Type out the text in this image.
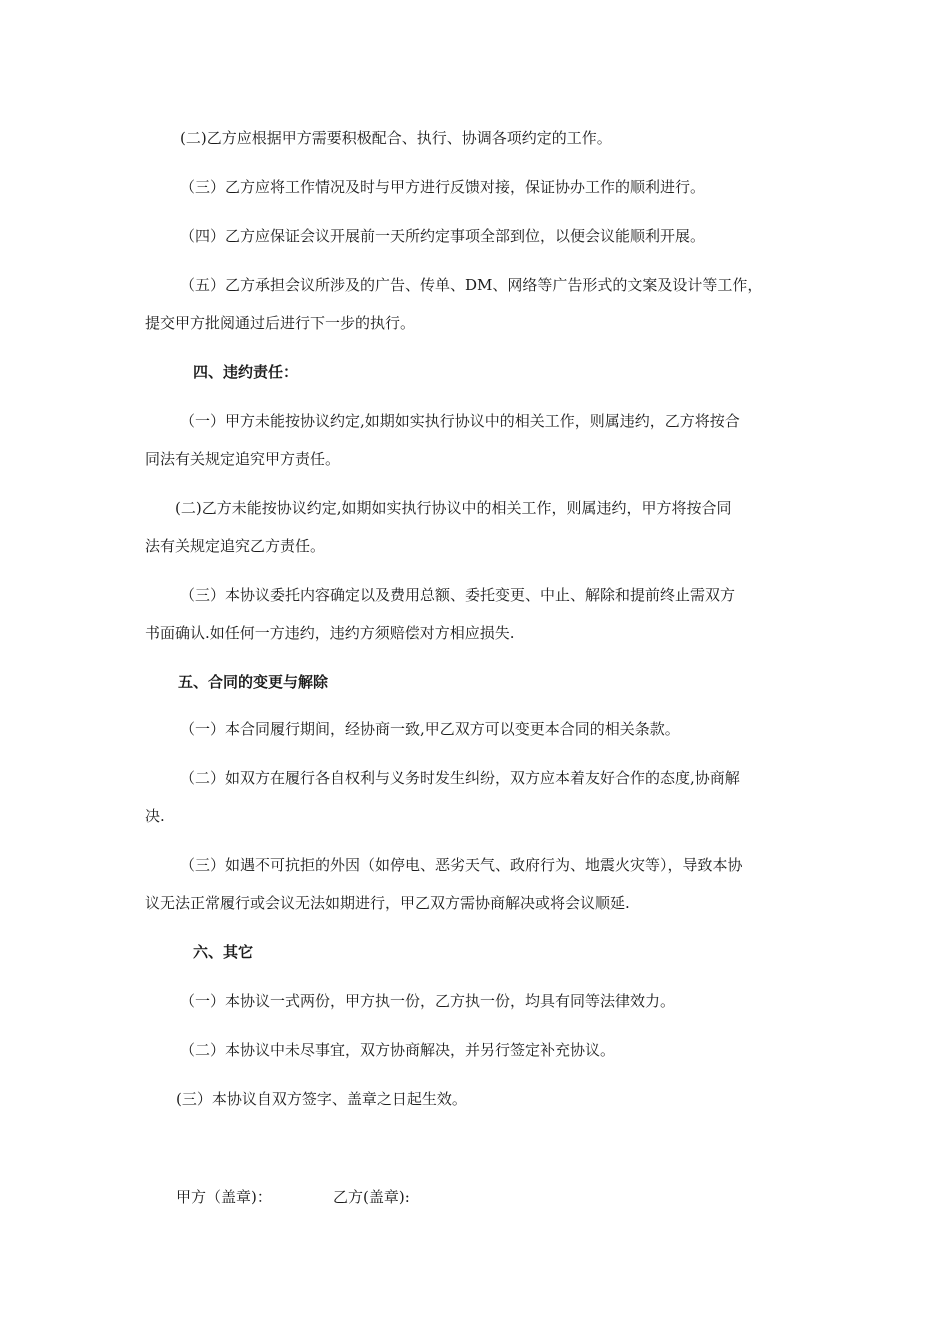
(二)乙方应根据甲方需要积极配合、执行、协调各项约定的工作。
（三）乙方应将工作情况及时与甲方进行反馈对接，保证协办工作的顺利进行。
（四）乙方应保证会议开展前一天所约定事项全部到位，以便会议能顺利开展。
（五）乙方承担会议所涉及的广告、传单、DM、网络等广告形式的文案及设计等工作，
提交甲方批阅通过后进行下一步的执行。
四、违约责任：
（一）甲方未能按协议约定,如期如实执行协议中的相关工作，则属违约，乙方将按合
同法有关规定追究甲方责任。
(二)乙方未能按协议约定,如期如实执行协议中的相关工作，则属违约，甲方将按合同
法有关规定追究乙方责任。
（三）本协议委托内容确定以及费用总额、委托变更、中止、解除和提前终止需双方
书面确认.如任何一方违约，违约方须赔偿对方相应损失.
五、合同的变更与解除
（一）本合同履行期间，经协商一致,甲乙双方可以变更本合同的相关条款。
（二）如双方在履行各自权利与义务时发生纠纷，双方应本着友好合作的态度,协商解
决.
（三）如遇不可抗拒的外因（如停电、恶劣天气、政府行为、地震火灾等），导致本协
议无法正常履行或会议无法如期进行，甲乙双方需协商解决或将会议顺延.
六、其它
（一）本协议一式两份，甲方执一份，乙方执一份，均具有同等法律效力。
（二）本协议中未尽事宜，双方协商解决，并另行签定补充协议。
(三）本协议自双方签字、盖章之日起生效。
甲方（盖章)：	乙方(盖章):
